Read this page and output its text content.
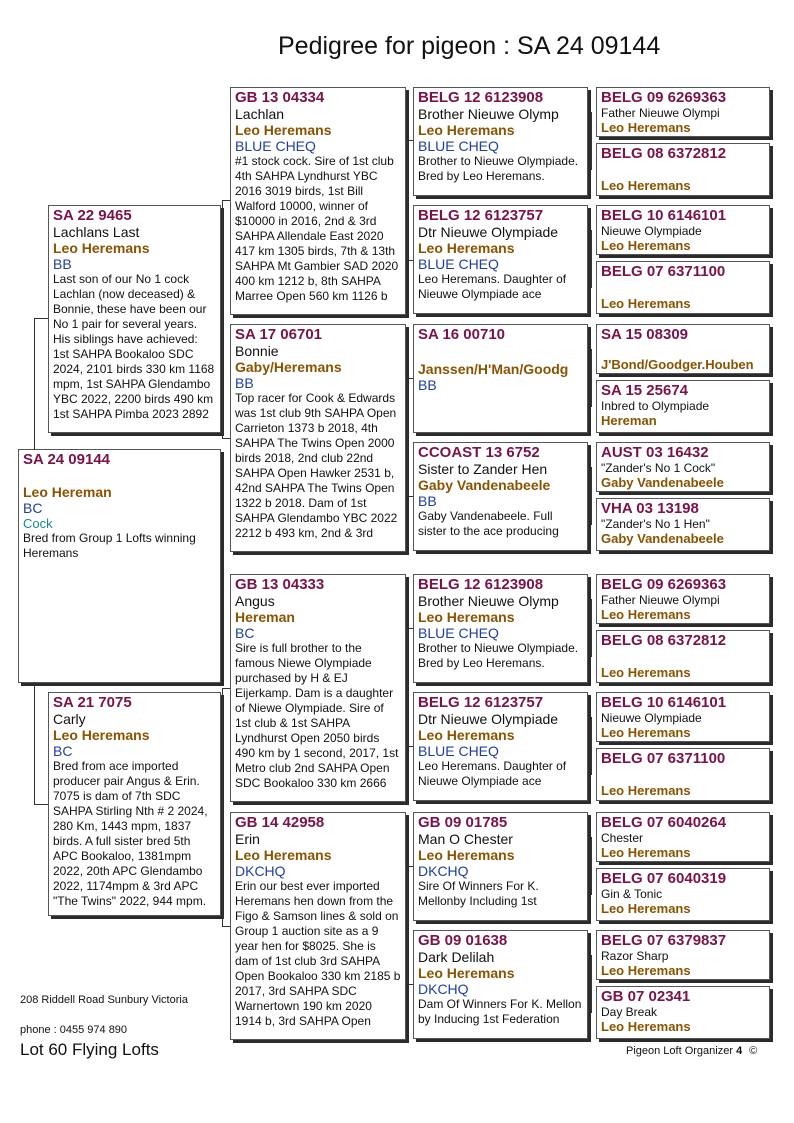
Pedigree for pigeon : SA 24 09144
SA 24 09144
Leo Hereman
BC
Cock
Bred from Group 1 Lofts winning Heremans
SA 22 9465
Lachlans Last
Leo Heremans
BB
Last son of our No 1 cock Lachlan (now deceased) & Bonnie, these have been our No 1 pair for several years. His siblings have achieved: 1st SAHPA Bookaloo SDC 2024, 2101 birds 330 km 1168 mpm, 1st SAHPA Glendambo YBC 2022, 2200 birds 490 km 1st SAHPA Pimba 2023 2892
SA 21 7075
Carly
Leo Heremans
BC
Bred from ace imported producer pair Angus & Erin. 7075 is dam of 7th SDC SAHPA Stirling Nth # 2 2024, 280 Km, 1443 mpm, 1837 birds. A full sister bred 5th APC Bookaloo, 1381mpm 2022, 20th APC Glendambo 2022, 1174mpm & 3rd APC "The Twins" 2022, 944 mpm.
GB 13 04334
Lachlan
Leo Heremans
BLUE CHEQ
#1 stock cock. Sire of 1st club 4th SAHPA Lyndhurst YBC 2016 3019 birds, 1st Bill Walford 10000, winner of $10000 in 2016, 2nd & 3rd SAHPA Allendale East 2020 417 km 1305 birds, 7th & 13th SAHPA Mt Gambier SAD 2020 400 km 1212 b, 8th SAHPA Marree Open 560 km 1126 b
SA 17 06701
Bonnie
Gaby/Heremans
BB
Top racer for Cook & Edwards was 1st club 9th SAHPA Open Carrieton 1373 b 2018, 4th SAHPA The Twins Open 2000 birds 2018, 2nd club 22nd SAHPA Open Hawker 2531 b, 42nd SAHPA The Twins Open 1322 b 2018. Dam of 1st SAHPA Glendambo YBC 2022 2212 b 493 km, 2nd & 3rd
GB 13 04333
Angus
Hereman
BC
Sire is full brother to the famous Niewe Olympiade purchased by H & EJ Eijerkamp. Dam is a daughter of Niewe Olympiade. Sire of 1st club & 1st SAHPA Lyndhurst Open 2050 birds 490 km by 1 second, 2017, 1st Metro club 2nd SAHPA Open SDC Bookaloo 330 km 2666
GB 14 42958
Erin
Leo Heremans
DKCHQ
Erin our best ever imported Heremans hen down from the Figo & Samson lines & sold on Group 1 auction site as a 9 year hen for $8025. She is dam of 1st club 3rd SAHPA Open Bookaloo 330 km 2185 b 2017, 3rd SAHPA SDC Warnertown 190 km 2020 1914 b, 3rd SAHPA Open
BELG 12 6123908
Brother Nieuwe Olymp
Leo Heremans
BLUE CHEQ
Brother to Nieuwe Olympiade. Bred by Leo Heremans.
BELG 12 6123757
Dtr Nieuwe Olympiade
Leo Heremans
BLUE CHEQ
Leo Heremans. Daughter of Nieuwe Olympiade ace
SA 16 00710
Janssen/H'Man/Goodg
BB
CCOAST 13 6752
Sister to Zander Hen
Gaby Vandenabeele
BB
Gaby Vandenabeele. Full sister to the ace producing
BELG 12 6123908
Brother Nieuwe Olymp
Leo Heremans
BLUE CHEQ
Brother to Nieuwe Olympiade. Bred by Leo Heremans.
BELG 12 6123757
Dtr Nieuwe Olympiade
Leo Heremans
BLUE CHEQ
Leo Heremans. Daughter of Nieuwe Olympiade ace
GB 09 01785
Man O Chester
Leo Heremans
DKCHQ
Sire Of Winners For K. Mellonby Including 1st
GB 09 01638
Dark Delilah
Leo Heremans
DKCHQ
Dam Of Winners For K. Mellon by Inducing 1st Federation
BELG 09 6269363
Father Nieuwe Olympi
Leo Heremans
BELG 08 6372812
Leo Heremans
BELG 10 6146101
Nieuwe Olympiade
Leo Heremans
BELG 07 6371100
Leo Heremans
SA 15 08309
J'Bond/Goodger.Houben
SA 15 25674
Inbred to Olympiade
Hereman
AUST 03 16432
"Zander's No 1 Cock"
Gaby Vandenabeele
VHA 03 13198
"Zander's No 1 Hen"
Gaby Vandenabeele
BELG 09 6269363
Father Nieuwe Olympi
Leo Heremans
BELG 08 6372812
Leo Heremans
BELG 10 6146101
Nieuwe Olympiade
Leo Heremans
BELG 07 6371100
Leo Heremans
BELG 07 6040264
Chester
Leo Heremans
BELG 07 6040319
Gin & Tonic
Leo Heremans
BELG 07 6379837
Razor Sharp
Leo Heremans
GB 07 02341
Day Break
Leo Heremans
208 Riddell Road Sunbury Victoria
phone : 0455 974 890
Lot 60 Flying Lofts	Pigeon Loft Organizer 4 ©
